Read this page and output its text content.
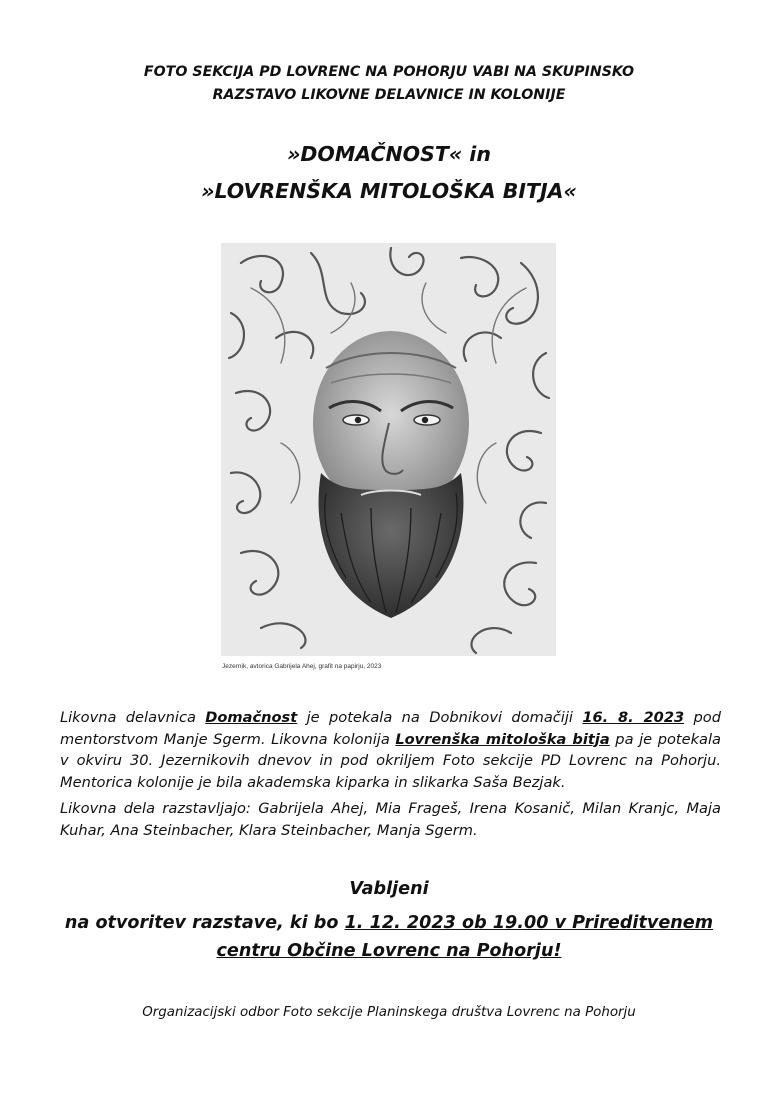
FOTO SEKCIJA PD LOVRENC NA POHORJU VABI NA SKUPINSKO
RAZSTAVO LIKOVNE DELAVNICE IN KOLONIJE
»DOMAČNOST« in
»LOVRENŠKA MITOLOŠKA BITJA«
Jezernik, avtorica Gabrijela Ahej, grafit na papirju, 2023

Likovna delavnica Domačnost je potekala na Dobnikovi domačiji 16. 8. 2023 pod mentorstvom Manje Sgerm. Likovna kolonija Lovrenška mitološka bitja pa je potekala v okviru 30. Jezernikovih dnevov in pod okriljem Foto sekcije PD Lovrenc na Pohorju. Mentorica kolonije je bila akademska kiparka in slikarka Saša Bezjak.

Likovna dela razstavljajo: Gabrijela Ahej, Mia Frageš, Irena Kosanič, Milan Kranjc, Maja Kuhar, Ana Steinbacher, Klara Steinbacher, Manja Sgerm.

Vabljeni
na otvoritev razstave, ki bo 1. 12. 2023 ob 19.00 v Prireditvenem
centru Občine Lovrenc na Pohorju!
Organizacijski odbor Foto sekcije Planinskega društva Lovrenc na Pohorju
